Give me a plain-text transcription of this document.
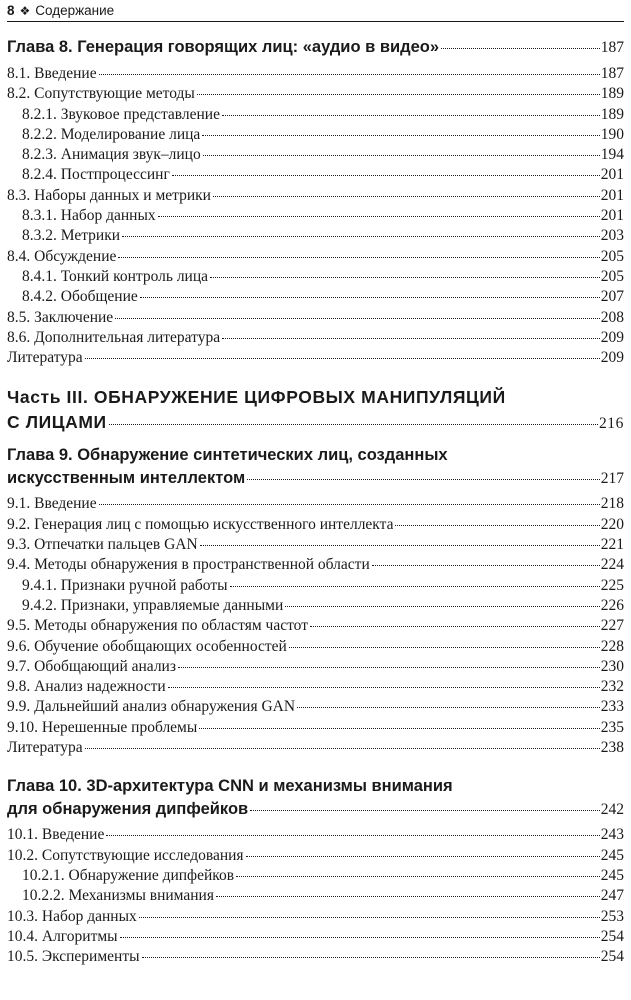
8 ❖ Содержание
Глава 8. Генерация говорящих лиц: «аудио в видео»	187
8.1. Введение	187
8.2. Сопутствующие методы	189
8.2.1. Звуковое представление	189
8.2.2. Моделирование лица	190
8.2.3. Анимация звук–лицо	194
8.2.4. Постпроцессинг	201
8.3. Наборы данных и метрики	201
8.3.1. Набор данных	201
8.3.2. Метрики	203
8.4. Обсуждение	205
8.4.1. Тонкий контроль лица	205
8.4.2. Обобщение	207
8.5. Заключение	208
8.6. Дополнительная литература	209
Литература	209
Часть III. ОБНАРУЖЕНИЕ ЦИФРОВЫХ МАНИПУЛЯЦИЙ
С ЛИЦАМИ	216
Глава 9. Обнаружение синтетических лиц, созданных
искусственным интеллектом	217
9.1. Введение	218
9.2. Генерация лиц с помощью искусственного интеллекта	220
9.3. Отпечатки пальцев GAN	221
9.4. Методы обнаружения в пространственной области	224
9.4.1. Признаки ручной работы	225
9.4.2. Признаки, управляемые данными	226
9.5. Методы обнаружения по областям частот	227
9.6. Обучение обобщающих особенностей	228
9.7. Обобщающий анализ	230
9.8. Анализ надежности	232
9.9. Дальнейший анализ обнаружения GAN	233
9.10. Нерешенные проблемы	235
Литература	238
Глава 10. 3D-архитектура CNN и механизмы внимания
для обнаружения дипфейков	242
10.1. Введение	243
10.2. Сопутствующие исследования	245
10.2.1. Обнаружение дипфейков	245
10.2.2. Механизмы внимания	247
10.3. Набор данных	253
10.4. Алгоритмы	254
10.5. Эксперименты	254
